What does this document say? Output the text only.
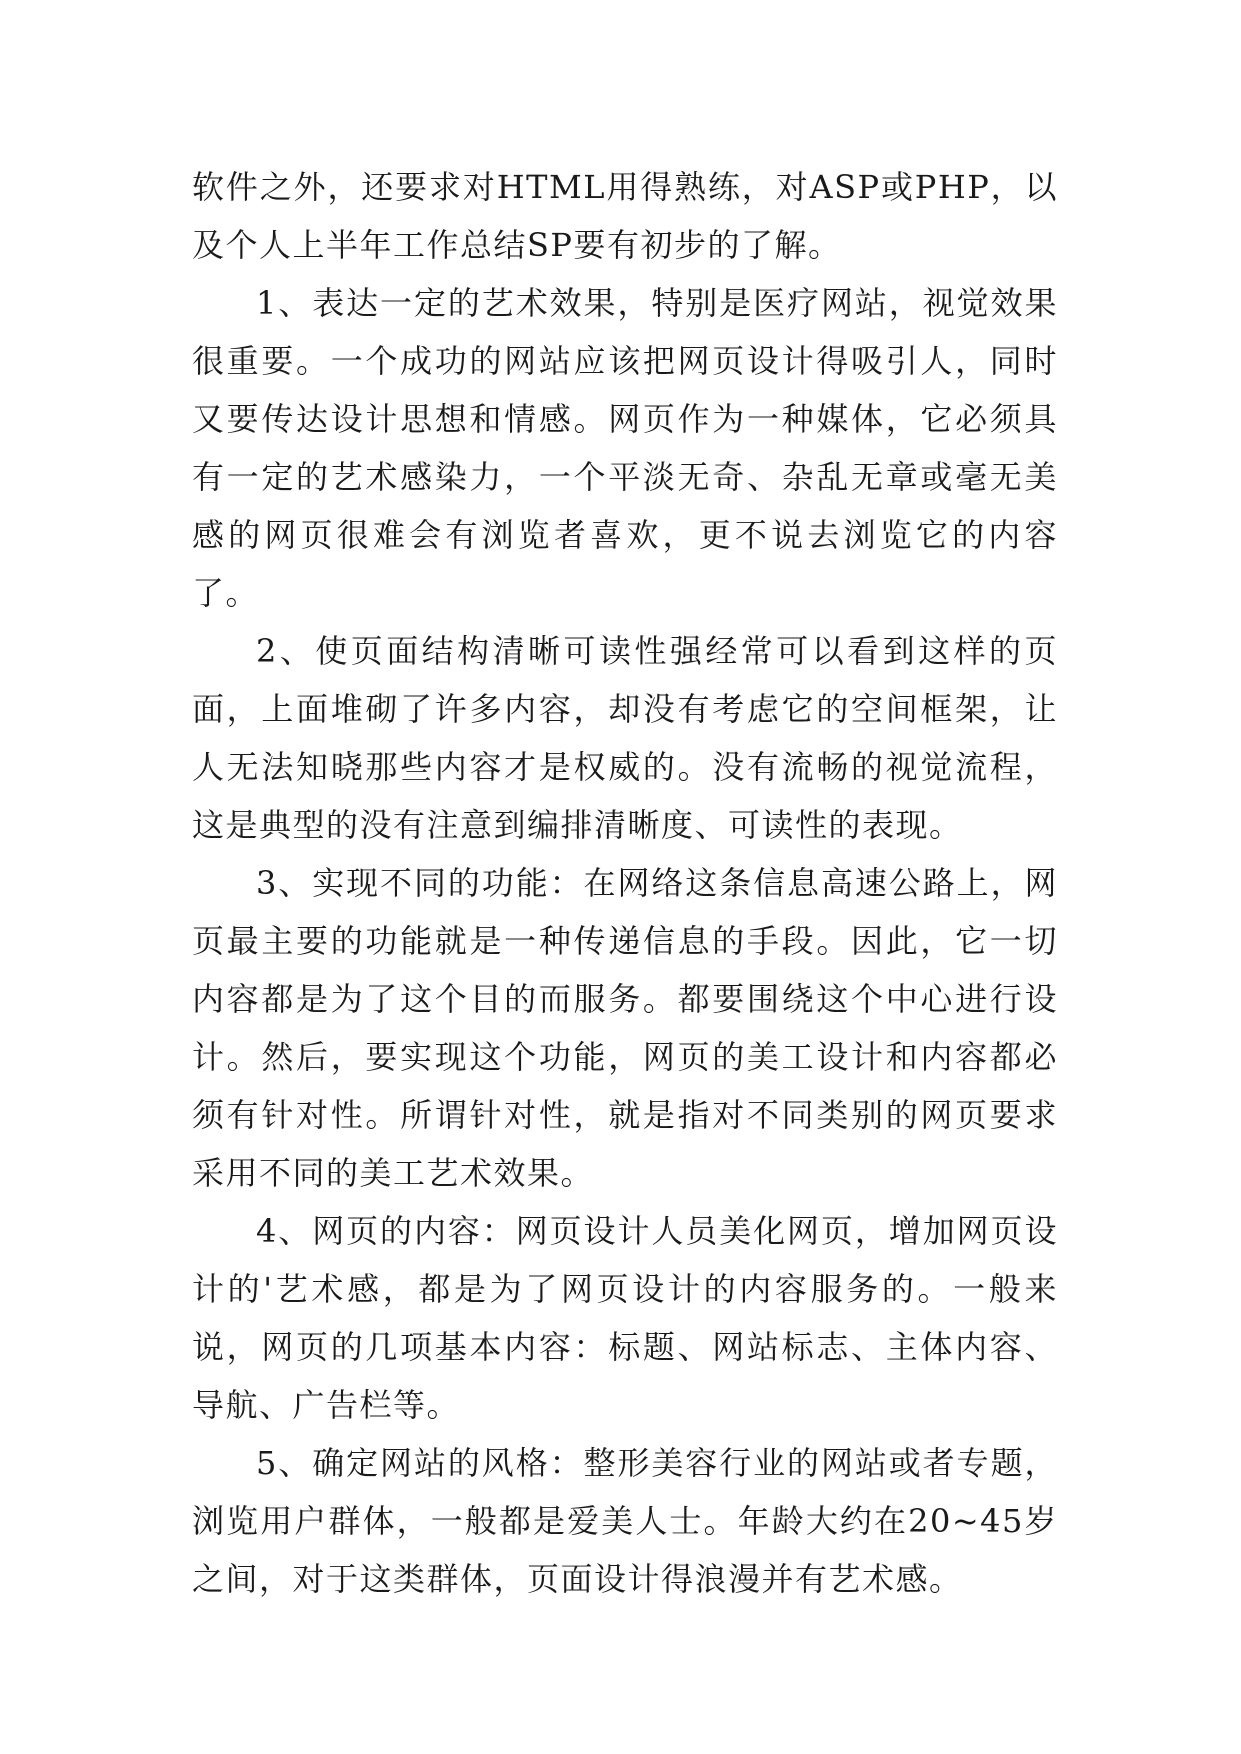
软件之外，还要求对HTML用得熟练，对ASP或PHP，以及个人上半年工作总结SP要有初步的了解。

1、表达一定的艺术效果，特别是医疗网站，视觉效果很重要。一个成功的网站应该把网页设计得吸引人，同时又要传达设计思想和情感。网页作为一种媒体，它必须具有一定的艺术感染力，一个平淡无奇、杂乱无章或毫无美感的网页很难会有浏览者喜欢，更不说去浏览它的内容了。

2、使页面结构清晰可读性强经常可以看到这样的页面，上面堆砌了许多内容，却没有考虑它的空间框架，让人无法知晓那些内容才是权威的。没有流畅的视觉流程，这是典型的没有注意到编排清晰度、可读性的表现。

3、实现不同的功能：在网络这条信息高速公路上，网页最主要的功能就是一种传递信息的手段。因此，它一切内容都是为了这个目的而服务。都要围绕这个中心进行设计。然后，要实现这个功能，网页的美工设计和内容都必须有针对性。所谓针对性，就是指对不同类别的网页要求采用不同的美工艺术效果。

4、网页的内容：网页设计人员美化网页，增加网页设计的'艺术感，都是为了网页设计的内容服务的。一般来说，网页的几项基本内容：标题、网站标志、主体内容、导航、广告栏等。

5、确定网站的风格：整形美容行业的网站或者专题，浏览用户群体，一般都是爱美人士。年龄大约在20~45岁之间，对于这类群体，页面设计得浪漫并有艺术感。
